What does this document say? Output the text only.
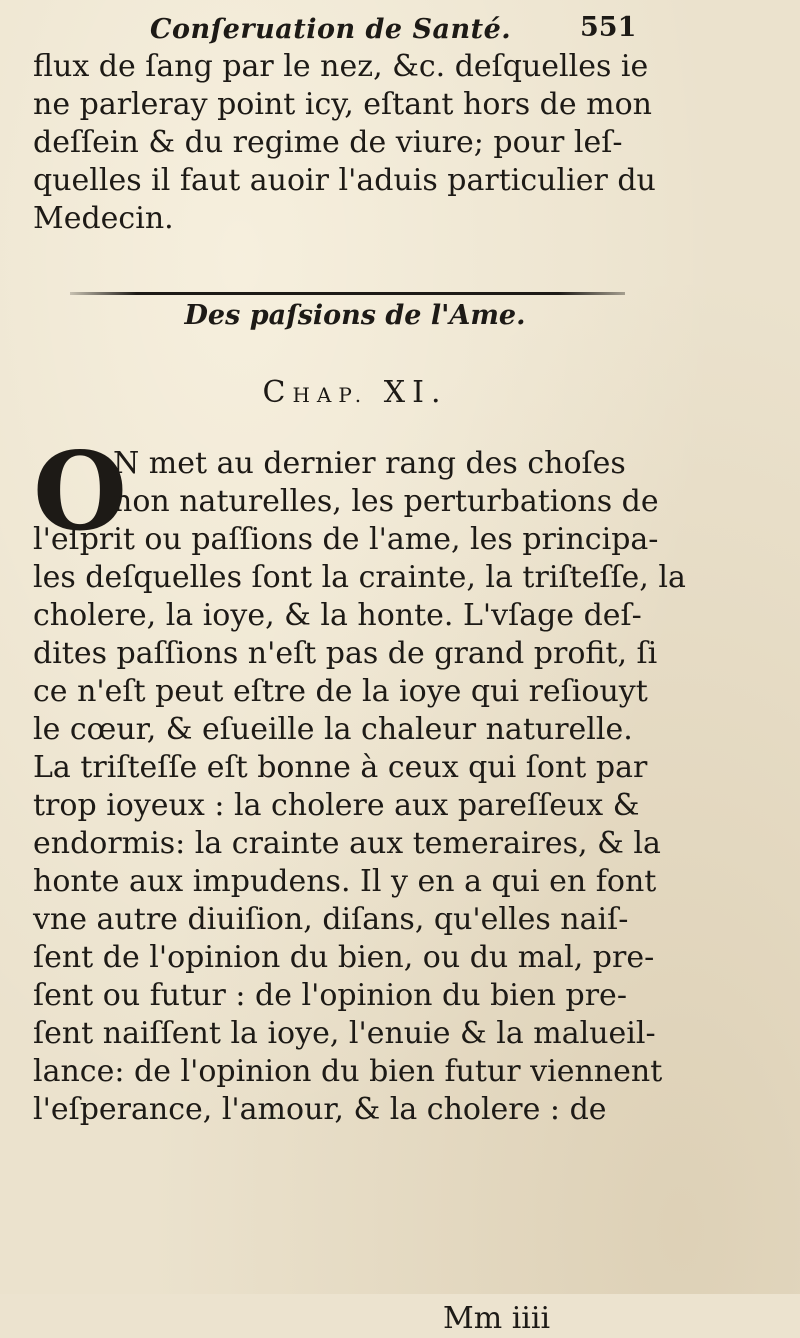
Conſeruation de Santé.	551
flux de ſang par le nez, &c. deſquelles ie
ne parleray point icy, eſtant hors de mon
deſſein & du regime de viure; pour leſ-
quelles il faut auoir l'aduis particulier du
Medecin.
Des paſsions de l'Ame.
CHAP. XI.
O
N met au dernier rang des choſes
non naturelles, les perturbations de
l'eſprit ou paſſions de l'ame, les principa-
les deſquelles ſont la crainte, la triſteſſe, la
cholere, la ioye, & la honte. L'vſage deſ-
dites paſſions n'eſt pas de grand profit, ſi
ce n'eſt peut eſtre de la ioye qui reſiouyt
le cœur, & eſueille la chaleur naturelle.
La triſteſſe eſt bonne à ceux qui ſont par
trop ioyeux : la cholere aux pareſſeux &
endormis: la crainte aux temeraires, & la
honte aux impudens. Il y en a qui en font
vne autre diuiſion, diſans, qu'elles naiſ-
ſent de l'opinion du bien, ou du mal, pre-
ſent ou futur : de l'opinion du bien pre-
ſent naiſſent la ioye, l'enuie & la malueil-
lance: de l'opinion du bien futur viennent
l'eſperance, l'amour, & la cholere : de
Mm iiii
